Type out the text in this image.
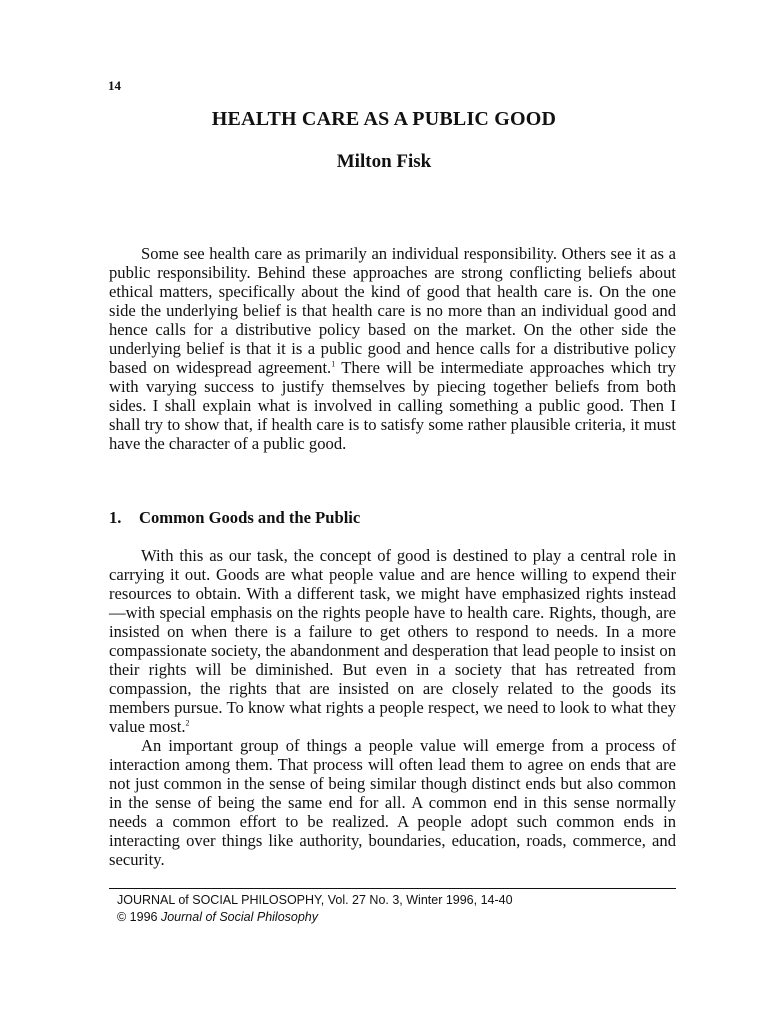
14
HEALTH CARE AS A PUBLIC GOOD
Milton Fisk

Some see health care as primarily an individual responsibility. Others see it as a public responsibility. Behind these approaches are strong conflicting beliefs about ethical matters, specifically about the kind of good that health care is. On the one side the underlying belief is that health care is no more than an individual good and hence calls for a distributive policy based on the market. On the other side the underlying belief is that it is a public good and hence calls for a distributive policy based on widespread agreement.$^1$ There will be intermediate approaches which try with varying success to justify themselves by piecing together beliefs from both sides. I shall explain what is involved in calling something a public good. Then I shall try to show that, if health care is to satisfy some rather plausible criteria, it must have the character of a public good.

1. Common Goods and the Public

With this as our task, the concept of good is destined to play a central role in carrying it out. Goods are what people value and are hence willing to expend their resources to obtain. With a different task, we might have emphasized rights instead—with special emphasis on the rights people have to health care. Rights, though, are insisted on when there is a failure to get others to respond to needs. In a more compassionate society, the abandonment and desperation that lead people to insist on their rights will be diminished. But even in a society that has retreated from compassion, the rights that are insisted on are closely related to the goods its members pursue. To know what rights a people respect, we need to look to what they value most.$^2$

An important group of things a people value will emerge from a process of interaction among them. That process will often lead them to agree on ends that are not just common in the sense of being similar though distinct ends but also common in the sense of being the same end for all. A common end in this sense normally needs a common effort to be realized. A people adopt such common ends in interacting over things like authority, boundaries, education, roads, commerce, and security.

JOURNAL of SOCIAL PHILOSOPHY, Vol. 27 No. 3, Winter 1996, 14-40
© 1996 Journal of Social Philosophy
